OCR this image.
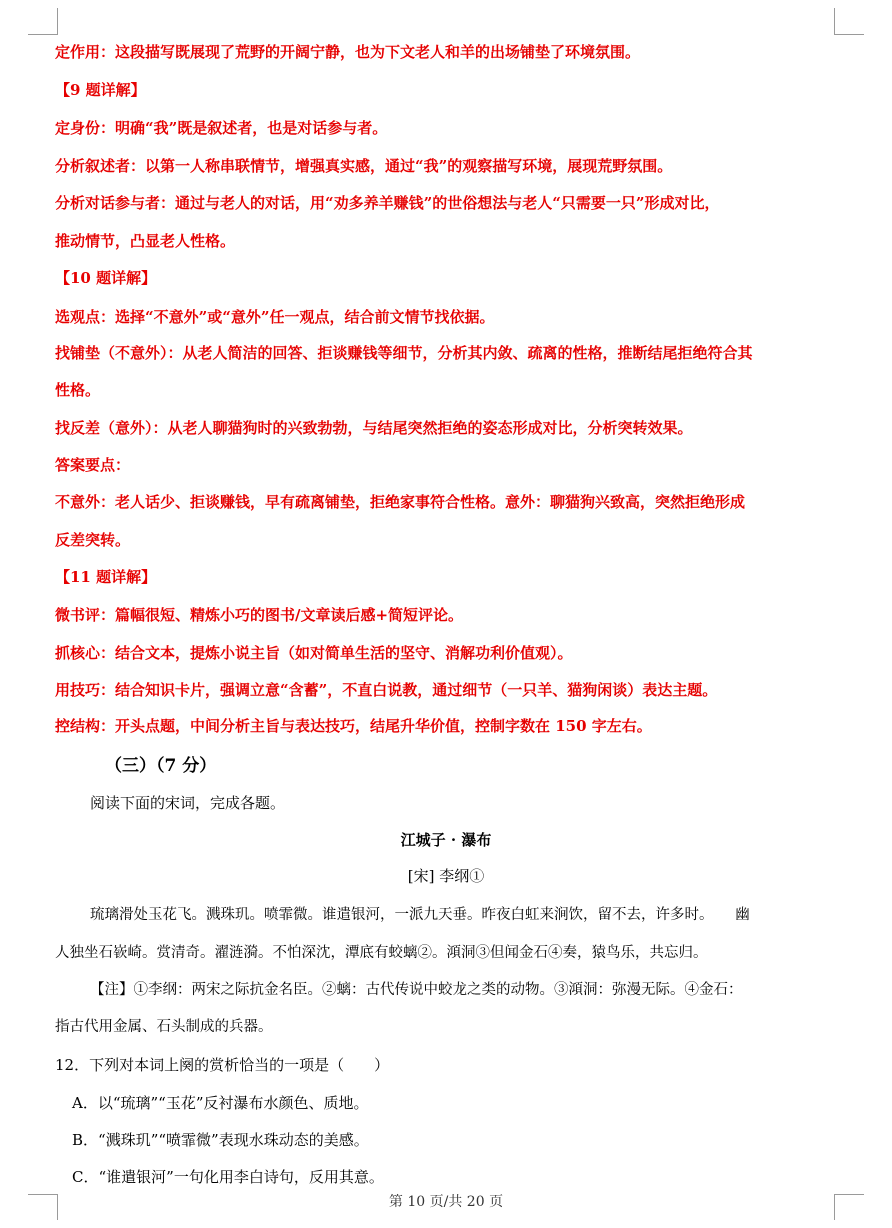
定作用：这段描写既展现了荒野的开阔宁静，也为下文老人和羊的出场铺垫了环境氛围。
【9 题详解】
定身份：明确“我”既是叙述者，也是对话参与者。
分析叙述者：以第一人称串联情节，增强真实感，通过“我”的观察描写环境，展现荒野氛围。
分析对话参与者：通过与老人的对话，用“劝多养羊赚钱”的世俗想法与老人“只需要一只”形成对比，
推动情节，凸显老人性格。
【10 题详解】
选观点：选择“不意外”或“意外”任一观点，结合前文情节找依据。
找铺垫（不意外）：从老人简洁的回答、拒谈赚钱等细节，分析其内敛、疏离的性格，推断结尾拒绝符合其
性格。
找反差（意外）：从老人聊猫狗时的兴致勃勃，与结尾突然拒绝的姿态形成对比，分析突转效果。
答案要点：
不意外：老人话少、拒谈赚钱，早有疏离铺垫，拒绝家事符合性格。意外：聊猫狗兴致高，突然拒绝形成
反差突转。
【11 题详解】
微书评：篇幅很短、精炼小巧的图书/文章读后感+简短评论。
抓核心：结合文本，提炼小说主旨（如对简单生活的坚守、消解功利价值观）。
用技巧：结合知识卡片，强调立意“含蓄”，不直白说教，通过细节（一只羊、猫狗闲谈）表达主题。
控结构：开头点题，中间分析主旨与表达技巧，结尾升华价值，控制字数在 150 字左右。
（三）（7 分）
阅读下面的宋词，完成各题。
江城子 · 瀑布
[宋] 李纲①
琉璃滑处玉花飞。溅珠玑。喷霏微。谁遣银河，一派九天垂。昨夜白虹来涧饮，留不去，许多时。　　幽
人独坐石嵚崎。赏清奇。濯涟漪。不怕深沈，潭底有蛟螭②。澒洞③但闻金石④奏，猿鸟乐，共忘归。
【注】①李纲：两宋之际抗金名臣。②螭：古代传说中蛟龙之类的动物。③澒洞：弥漫无际。④金石：
指古代用金属、石头制成的兵器。
12．下列对本词上阕的赏析恰当的一项是（　　）
A．以“琉璃”“玉花”反衬瀑布水颜色、质地。
B．“溅珠玑”“喷霏微”表现水珠动态的美感。
C．“谁遣银河”一句化用李白诗句，反用其意。
第 10 页/共 20 页
